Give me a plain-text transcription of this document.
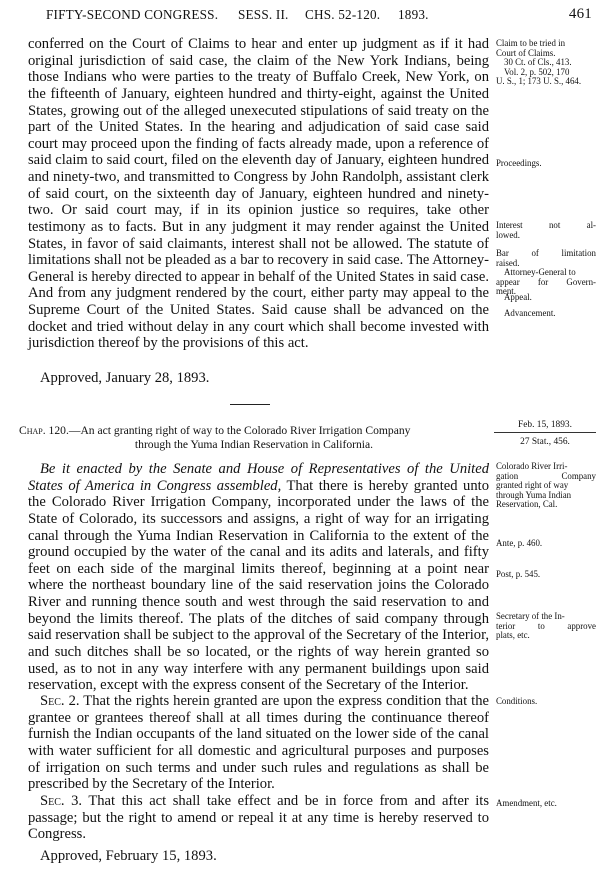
FIFTY-SECOND CONGRESS. SESS. II. CHS. 52-120. 1893.	461

conferred on the Court of Claims to hear and enter up judgment as if it had original jurisdiction of said case, the claim of the New York Indians, being those Indians who were parties to the treaty of Buffalo Creek, New York, on the fifteenth of January, eighteen hundred and thirty-eight, against the United States, growing out of the alleged unexecuted stipulations of said treaty on the part of the United States. In the hearing and adjudication of said case said court may proceed upon the finding of facts already made, upon a reference of said claim to said court, filed on the eleventh day of January, eighteen hundred and ninety-two, and transmitted to Congress by John Randolph, assistant clerk of said court, on the sixteenth day of January, eighteen hundred and ninety-two. Or said court may, if in its opinion justice so requires, take other testimony as to facts. But in any judgment it may render against the United States, in favor of said claimants, interest shall not be allowed. The statute of limitations shall not be pleaded as a bar to recovery in said case. The Attorney-General is hereby directed to appear in behalf of the United States in said case. And from any judgment rendered by the court, either party may appeal to the Supreme Court of the United States. Said cause shall be advanced on the docket and tried without delay in any court which shall become invested with jurisdiction thereof by the provisions of this act.

Approved, January 28, 1893.
Chap. 120.—An act granting right of way to the Colorado River Irrigation Company
through the Yuma Indian Reservation in California.
Feb. 15, 1893.
27 Stat., 456.

Be it enacted by the Senate and House of Representatives of the United States of America in Congress assembled, That there is hereby granted unto the Colorado River Irrigation Company, incorporated under the laws of the State of Colorado, its successors and assigns, a right of way for an irrigating canal through the Yuma Indian Reservation in California to the extent of the ground occupied by the water of the canal and its adits and laterals, and fifty feet on each side of the marginal limits thereof, beginning at a point near where the northeast boundary line of the said reservation joins the Colorado River and running thence south and west through the said reservation to and beyond the limits thereof. The plats of the ditches of said company through said reservation shall be subject to the approval of the Secretary of the Interior, and such ditches shall be so located, or the rights of way herein granted so used, as to not in any way interfere with any permanent buildings upon said reservation, except with the express consent of the Secretary of the Interior.

Sec. 2. That the rights herein granted are upon the express condition that the grantee or grantees thereof shall at all times during the continuance thereof furnish the Indian occupants of the land situated on the lower side of the canal with water sufficient for all domestic and agricultural purposes and purposes of irrigation on such terms and under such rules and regulations as shall be prescribed by the Secretary of the Interior.

Sec. 3. That this act shall take effect and be in force from and after its passage; but the right to amend or repeal it at any time is hereby reserved to Congress.

Approved, February 15, 1893.
Claim to be tried in
Court of Claims.
30 Ct. of Cls., 413.
Vol. 2, p. 502, 170
U. S., 1; 173 U. S., 464.
Proceedings.
Interest not al-
lowed.
Bar of limitation
raised.
Attorney-General to
appear for Govern-
ment.
Appeal.
Advancement.
Colorado River Irri-
gation Company
granted right of way
through Yuma Indian
Reservation, Cal.
Ante, p. 460.
Post, p. 545.
Secretary of the In-
terior to approve
plats, etc.
Conditions.
Amendment, etc.
